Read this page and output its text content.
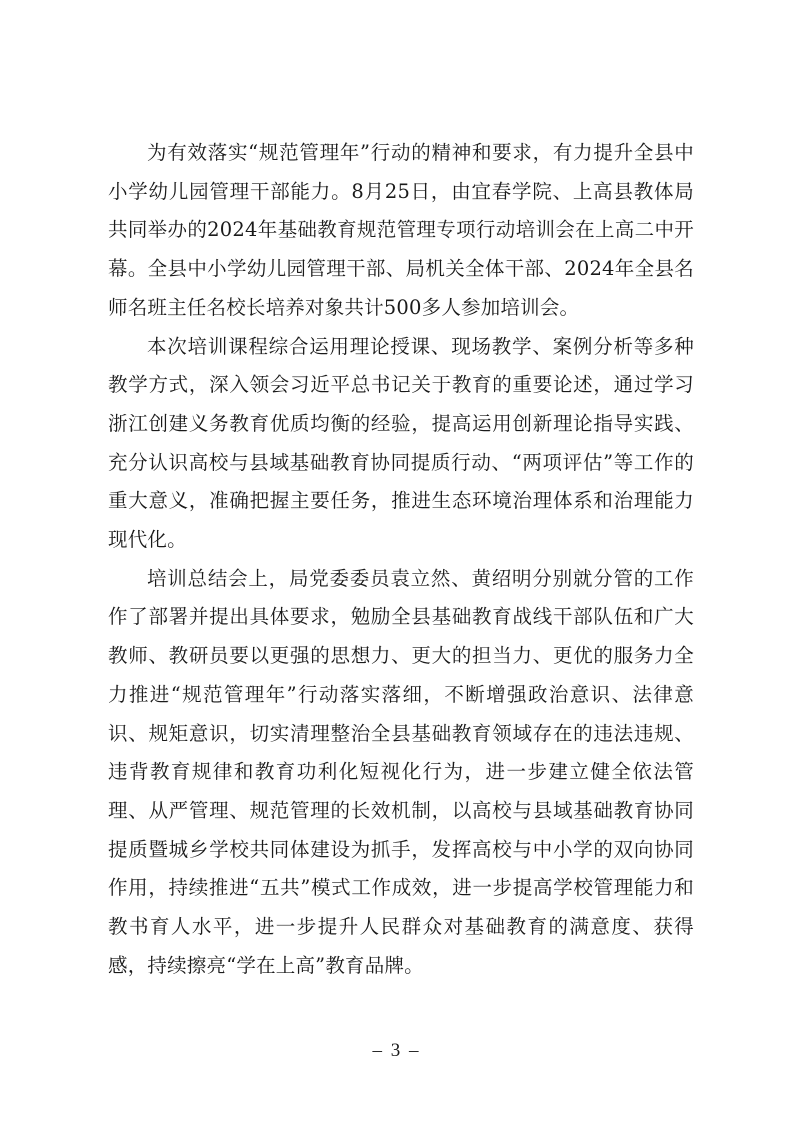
为有效落实“规范管理年”行动的精神和要求，有力提升全县中小学幼儿园管理干部能力。8月25日，由宜春学院、上高县教体局共同举办的2024年基础教育规范管理专项行动培训会在上高二中开幕。全县中小学幼儿园管理干部、局机关全体干部、2024年全县名师名班主任名校长培养对象共计500多人参加培训会。

本次培训课程综合运用理论授课、现场教学、案例分析等多种教学方式，深入领会习近平总书记关于教育的重要论述，通过学习浙江创建义务教育优质均衡的经验，提高运用创新理论指导实践、充分认识高校与县域基础教育协同提质行动、“两项评估”等工作的重大意义，准确把握主要任务，推进生态环境治理体系和治理能力现代化。

培训总结会上，局党委委员袁立然、黄绍明分别就分管的工作作了部署并提出具体要求，勉励全县基础教育战线干部队伍和广大教师、教研员要以更强的思想力、更大的担当力、更优的服务力全力推进“规范管理年”行动落实落细，不断增强政治意识、法律意识、规矩意识，切实清理整治全县基础教育领域存在的违法违规、违背教育规律和教育功利化短视化行为，进一步建立健全依法管理、从严管理、规范管理的长效机制，以高校与县域基础教育协同提质暨城乡学校共同体建设为抓手，发挥高校与中小学的双向协同作用，持续推进“五共”模式工作成效，进一步提高学校管理能力和教书育人水平，进一步提升人民群众对基础教育的满意度、获得感，持续擦亮“学在上高”教育品牌。

– 3 –
